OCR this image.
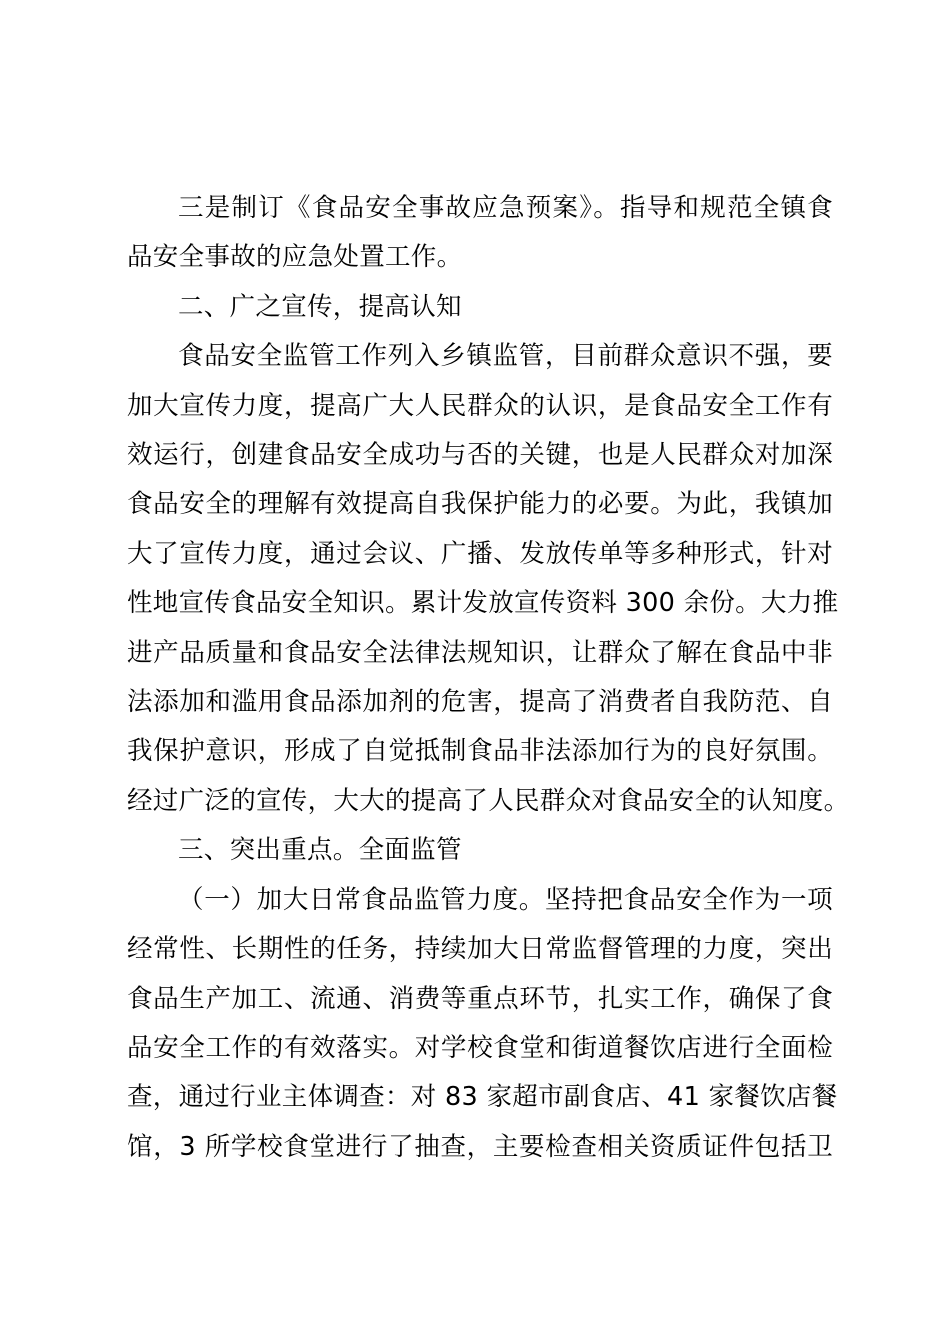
三是制订《食品安全事故应急预案》。指导和规范全镇食
品安全事故的应急处置工作。
二、广之宣传，提高认知
食品安全监管工作列入乡镇监管，目前群众意识不强，要
加大宣传力度，提高广大人民群众的认识，是食品安全工作有
效运行，创建食品安全成功与否的关键，也是人民群众对加深
食品安全的理解有效提高自我保护能力的必要。为此，我镇加
大了宣传力度，通过会议、广播、发放传单等多种形式，针对
性地宣传食品安全知识。累计发放宣传资料 300 余份。大力推
进产品质量和食品安全法律法规知识，让群众了解在食品中非
法添加和滥用食品添加剂的危害，提高了消费者自我防范、自
我保护意识，形成了自觉抵制食品非法添加行为的良好氛围。
经过广泛的宣传，大大的提高了人民群众对食品安全的认知度。
三、突出重点。全面监管
（一）加大日常食品监管力度。坚持把食品安全作为一项
经常性、长期性的任务，持续加大日常监督管理的力度，突出
食品生产加工、流通、消费等重点环节，扎实工作，确保了食
品安全工作的有效落实。对学校食堂和街道餐饮店进行全面检
查，通过行业主体调查：对 83 家超市副食店、41 家餐饮店餐
馆，3 所学校食堂进行了抽查，主要检查相关资质证件包括卫
